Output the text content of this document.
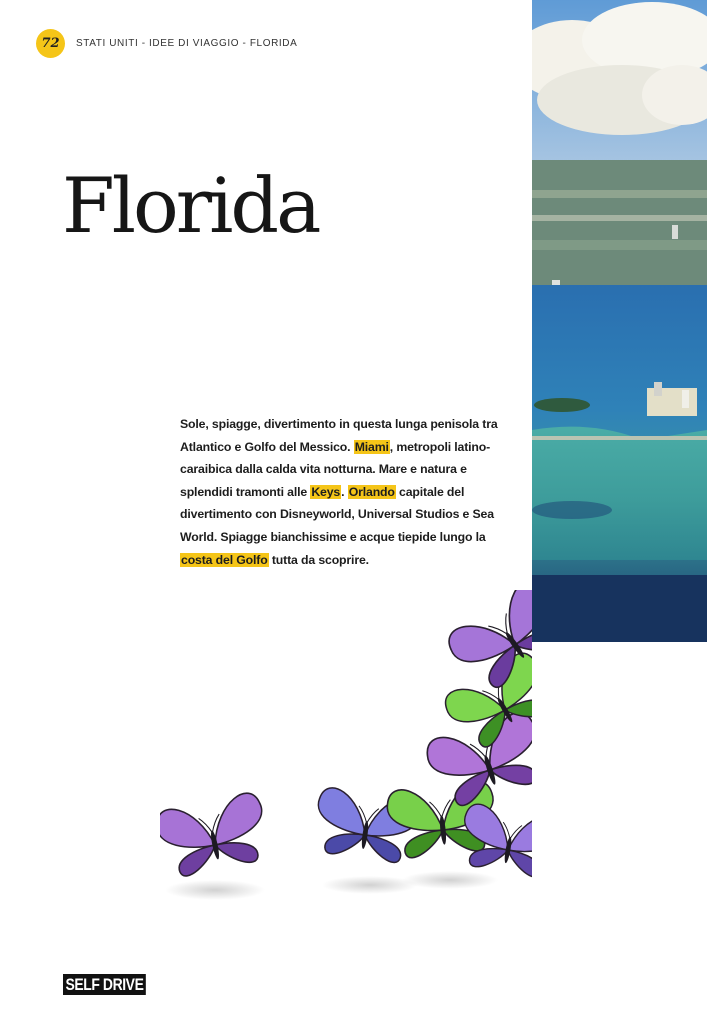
72	STATI UNITI - IDEE DI VIAGGIO - FLORIDA
Florida
Sole, spiagge, divertimento in questa lunga penisola tra Atlantico e Golfo del Messico. Miami, metropoli latino-caraibica dalla calda vita notturna. Mare e natura e splendidi tramonti alle Keys. Orlando capitale del divertimento con Disneyworld, Universal Studios e Sea World. Spiagge bianchissime e acque tiepide lungo la costa del Golfo tutta da scoprire.
SELF DRIVE
